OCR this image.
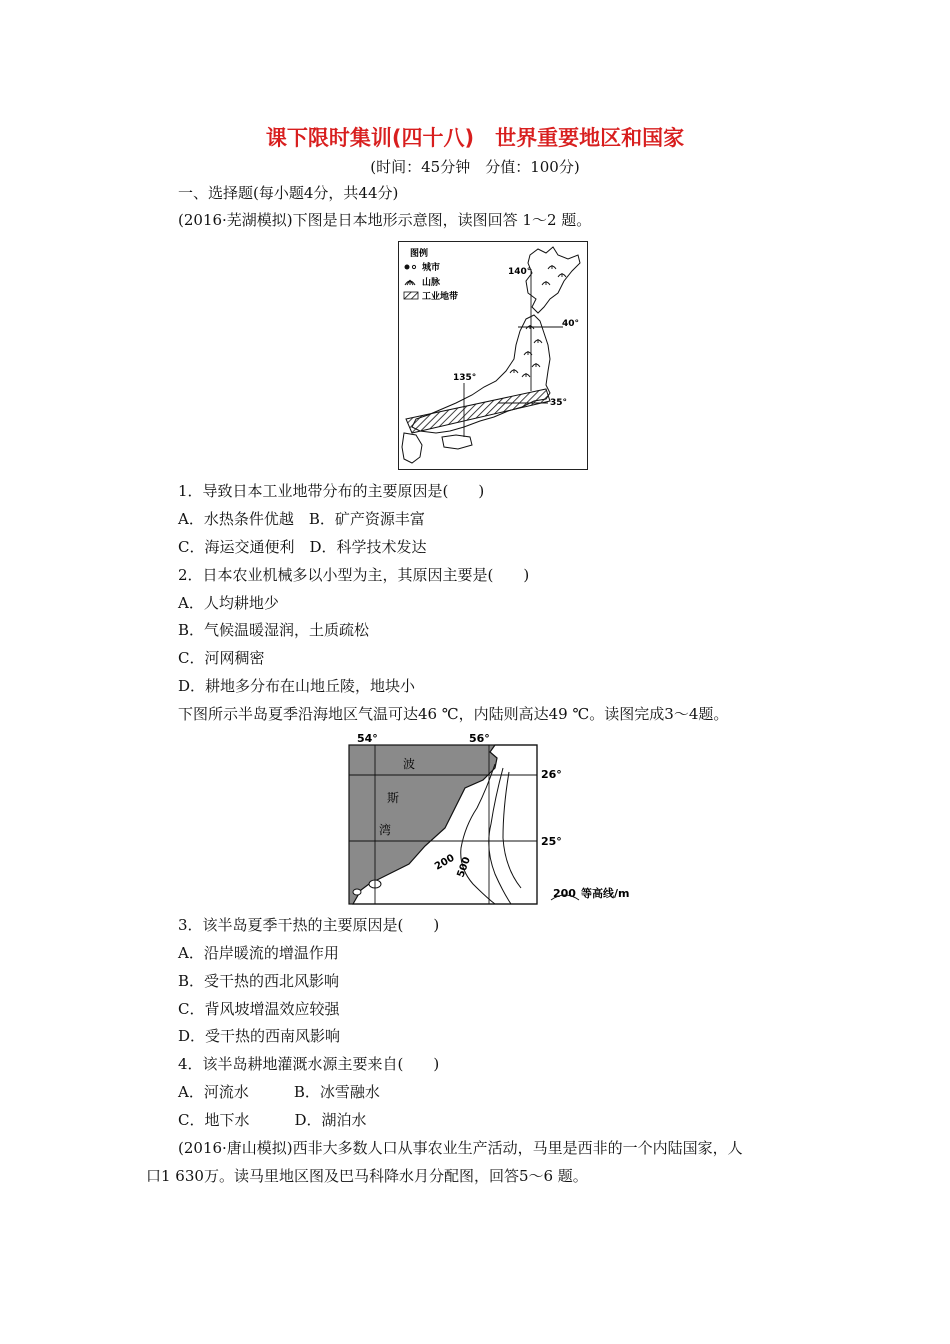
课下限时集训(四十八)　世界重要地区和国家
(时间：45分钟　分值：100分)
一、选择题(每小题4分，共44分)
(2016·芜湖模拟)下图是日本地形示意图，读图回答 1～2 题。
图例
城市
山脉
工业地带
140°
40°
135°
35°
1．导致日本工业地带分布的主要原因是(　　)
A．水热条件优越　B．矿产资源丰富
C．海运交通便利　D．科学技术发达
2．日本农业机械多以小型为主，其原因主要是(　　)
A．人均耕地少
B．气候温暖湿润，土质疏松
C．河网稠密
D．耕地多分布在山地丘陵，地块小
下图所示半岛夏季沿海地区气温可达46 ℃，内陆则高达49 ℃。读图完成3～4题。
54°	56°
26°
25°
波
斯
湾
200
500
200 等高线/m
3．该半岛夏季干热的主要原因是(　　)
A．沿岸暖流的增温作用
B．受干热的西北风影响
C．背风坡增温效应较强
D．受干热的西南风影响
4．该半岛耕地灌溉水源主要来自(　　)
A．河流水　　　B．冰雪融水
C．地下水　　　D．湖泊水
(2016·唐山模拟)西非大多数人口从事农业生产活动，马里是西非的一个内陆国家，人
口1 630万。读马里地区图及巴马科降水月分配图，回答5～6 题。
